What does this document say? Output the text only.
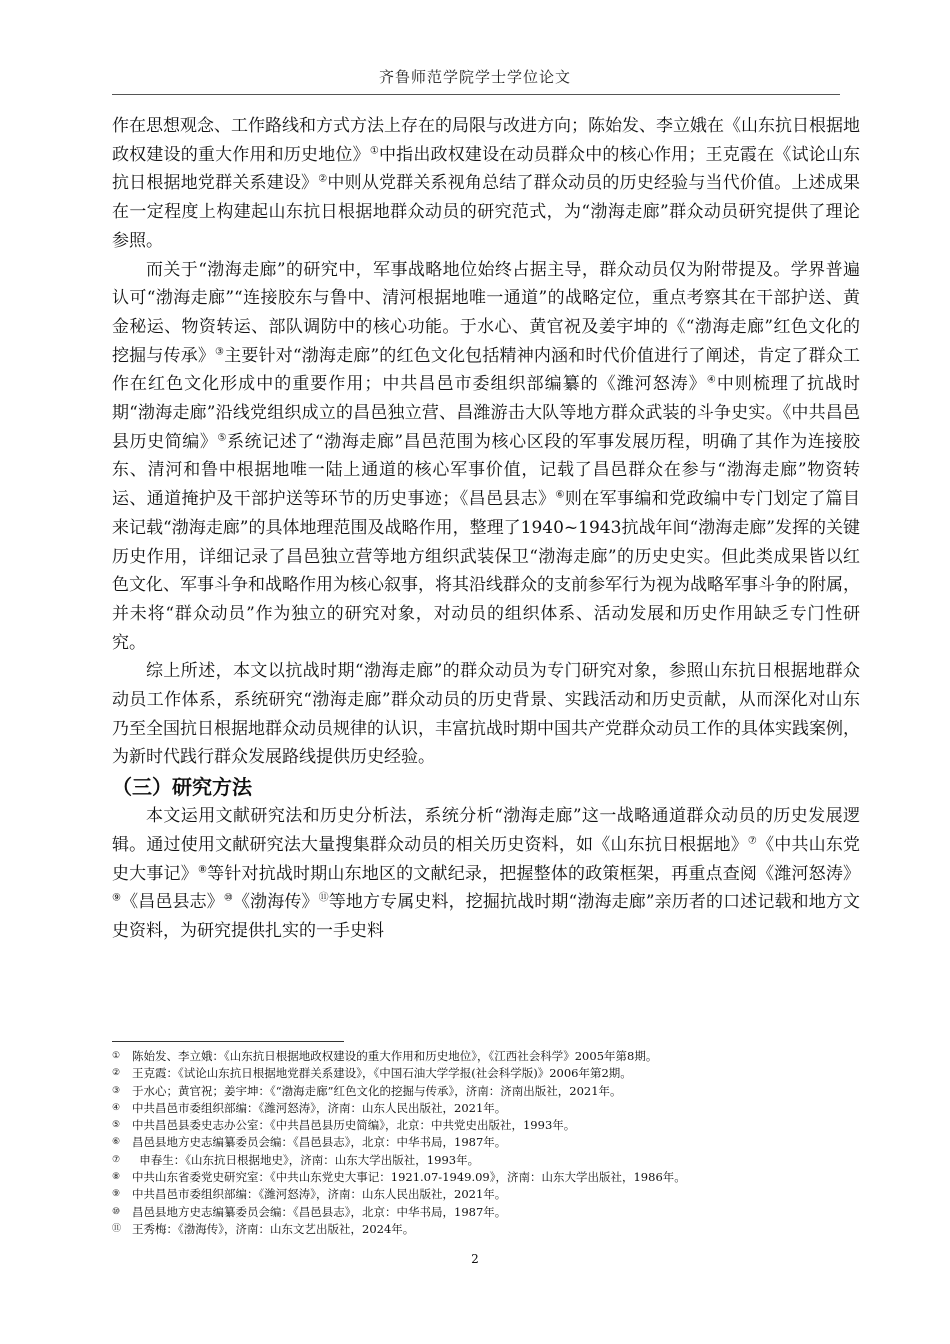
齐鲁师范学院学士学位论文

作在思想观念、工作路线和方式方法上存在的局限与改进方向；陈始发、李立娥在《山东抗日根据地政权建设的重大作用和历史地位》①中指出政权建设在动员群众中的核心作用；王克霞在《试论山东抗日根据地党群关系建设》②中则从党群关系视角总结了群众动员的历史经验与当代价值。上述成果在一定程度上构建起山东抗日根据地群众动员的研究范式，为“渤海走廊”群众动员研究提供了理论参照。

而关于“渤海走廊”的研究中，军事战略地位始终占据主导，群众动员仅为附带提及。学界普遍认可“渤海走廊”“连接胶东与鲁中、清河根据地唯一通道”的战略定位，重点考察其在干部护送、黄金秘运、物资转运、部队调防中的核心功能。于水心、黄官祝及姜宇坤的《“渤海走廊”红色文化的挖掘与传承》③主要针对“渤海走廊”的红色文化包括精神内涵和时代价值进行了阐述，肯定了群众工作在红色文化形成中的重要作用；中共昌邑市委组织部编纂的《潍河怒涛》④中则梳理了抗战时期“渤海走廊”沿线党组织成立的昌邑独立营、昌潍游击大队等地方群众武装的斗争史实。《中共昌邑县历史简编》⑤系统记述了“渤海走廊”昌邑范围为核心区段的军事发展历程，明确了其作为连接胶东、清河和鲁中根据地唯一陆上通道的核心军事价值，记载了昌邑群众在参与“渤海走廊”物资转运、通道掩护及干部护送等环节的历史事迹；《昌邑县志》⑥则在军事编和党政编中专门划定了篇目来记载“渤海走廊”的具体地理范围及战略作用，整理了1940~1943抗战年间“渤海走廊”发挥的关键历史作用，详细记录了昌邑独立营等地方组织武装保卫“渤海走廊”的历史史实。但此类成果皆以红色文化、军事斗争和战略作用为核心叙事，将其沿线群众的支前参军行为视为战略军事斗争的附属，并未将“群众动员”作为独立的研究对象，对动员的组织体系、活动发展和历史作用缺乏专门性研究。

综上所述，本文以抗战时期“渤海走廊”的群众动员为专门研究对象，参照山东抗日根据地群众动员工作体系，系统研究“渤海走廊”群众动员的历史背景、实践活动和历史贡献，从而深化对山东乃至全国抗日根据地群众动员规律的认识，丰富抗战时期中国共产党群众动员工作的具体实践案例，为新时代践行群众发展路线提供历史经验。

（三）研究方法

本文运用文献研究法和历史分析法，系统分析“渤海走廊”这一战略通道群众动员的历史发展逻辑。通过使用文献研究法大量搜集群众动员的相关历史资料，如《山东抗日根据地》⑦《中共山东党史大事记》⑧等针对抗战时期山东地区的文献纪录，把握整体的政策框架，再重点查阅《潍河怒涛》⑨《昌邑县志》⑩《渤海传》⑪等地方专属史料，挖掘抗战时期“渤海走廊”亲历者的口述记载和地方文史资料，为研究提供扎实的一手史料

①	陈始发、李立娥：《山东抗日根据地政权建设的重大作用和历史地位》，《江西社会科学》2005年第8期。
②	王克霞：《试论山东抗日根据地党群关系建设》，《中国石油大学学报(社会科学版)》2006年第2期。
③	于水心；黄官祝；姜宇坤：《“渤海走廊”红色文化的挖掘与传承》，济南：济南出版社，2021年。
④	中共昌邑市委组织部编：《潍河怒涛》，济南：山东人民出版社，2021年。
⑤	中共昌邑县委史志办公室：《中共昌邑县历史简编》，北京：中共党史出版社，1993年。
⑥	昌邑县地方史志编纂委员会编：《昌邑县志》，北京：中华书局，1987年。
⑦	申春生：《山东抗日根据地史》，济南：山东大学出版社，1993年。
⑧	中共山东省委党史研究室：《中共山东党史大事记：1921.07-1949.09》，济南：山东大学出版社，1986年。
⑨	中共昌邑市委组织部编：《潍河怒涛》，济南：山东人民出版社，2021年。
⑩	昌邑县地方史志编纂委员会编：《昌邑县志》，北京：中华书局，1987年。
⑪ 王秀梅：《渤海传》，济南：山东文艺出版社，2024年。
2
